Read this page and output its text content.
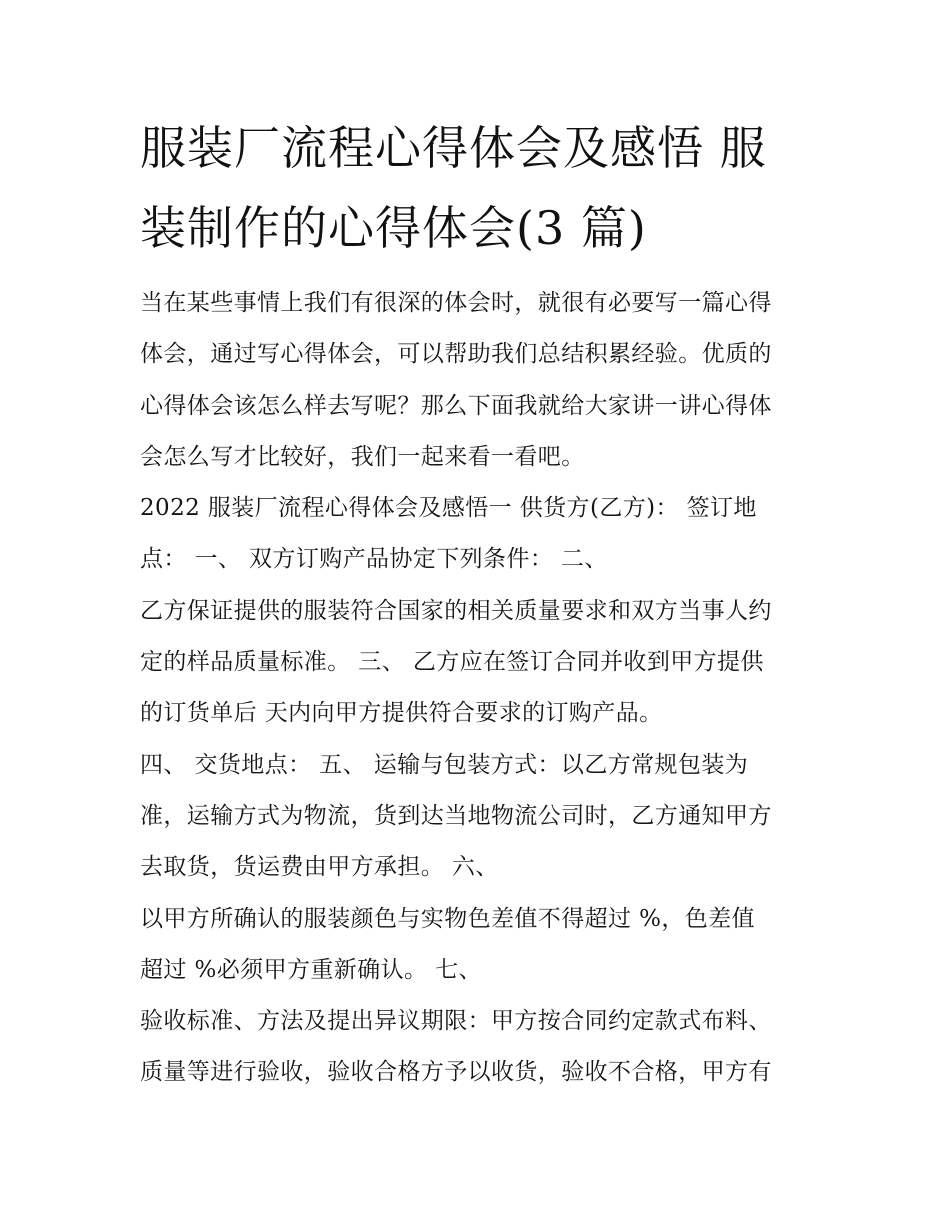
服装厂流程心得体会及感悟 服
装制作的心得体会(3 篇)
当在某些事情上我们有很深的体会时，就很有必要写一篇心得
体会，通过写心得体会，可以帮助我们总结积累经验。优质的
心得体会该怎么样去写呢？那么下面我就给大家讲一讲心得体
会怎么写才比较好，我们一起来看一看吧。
2022 服装厂流程心得体会及感悟一 供货方(乙方)： 签订地
点： 一、 双方订购产品协定下列条件： 二、
乙方保证提供的服装符合国家的相关质量要求和双方当事人约
定的样品质量标准。 三、 乙方应在签订合同并收到甲方提供
的订货单后 天内向甲方提供符合要求的订购产品。
四、 交货地点： 五、 运输与包装方式：以乙方常规包装为
准，运输方式为物流，货到达当地物流公司时，乙方通知甲方
去取货，货运费由甲方承担。 六、
以甲方所确认的服装颜色与实物色差值不得超过 %，色差值
超过 %必须甲方重新确认。 七、
验收标准、方法及提出异议期限：甲方按合同约定款式布料、
质量等进行验收，验收合格方予以收货，验收不合格，甲方有
